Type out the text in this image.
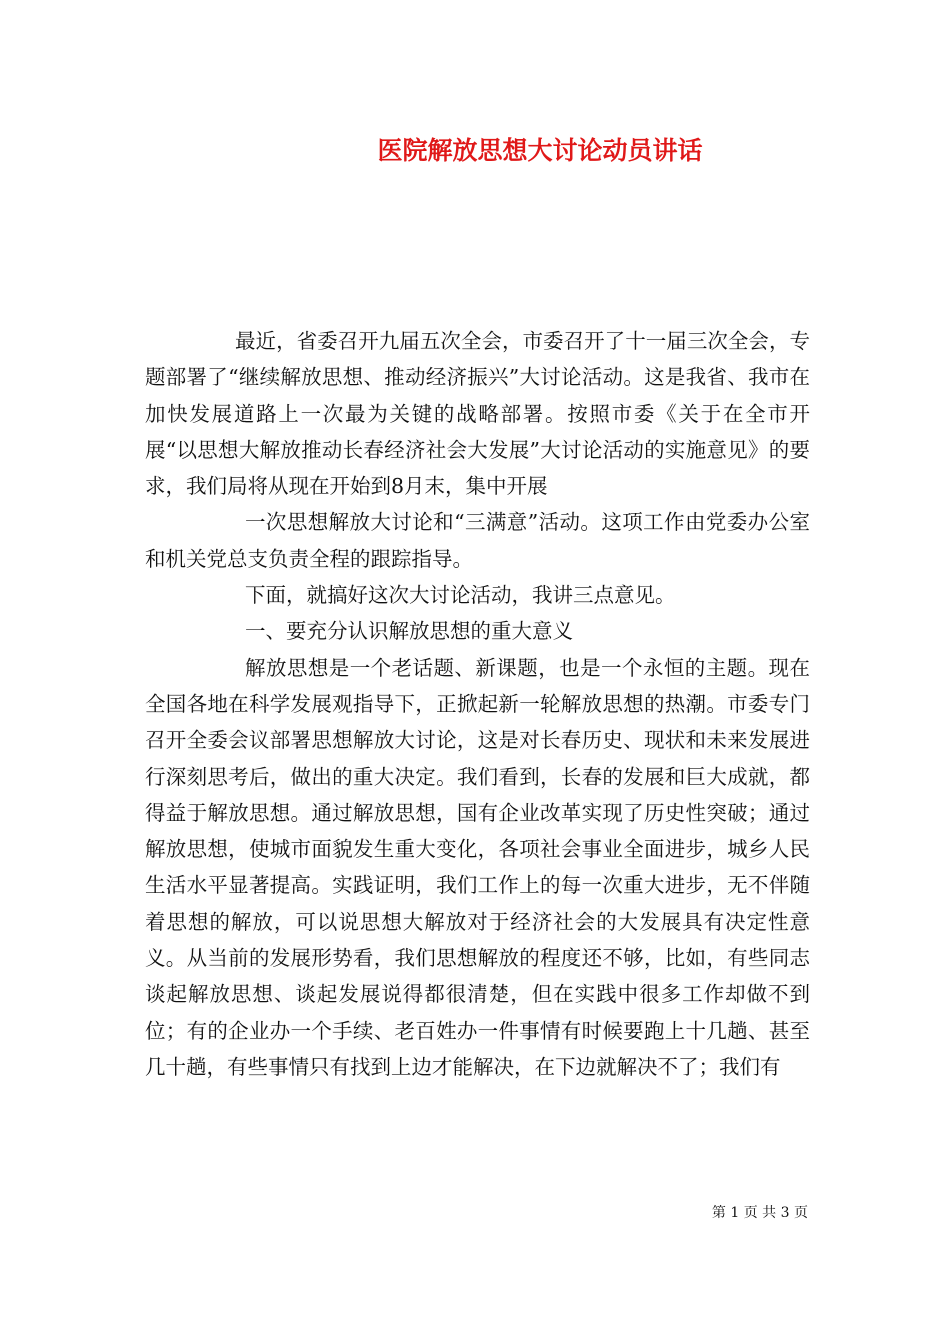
医院解放思想大讨论动员讲话

最近，省委召开九届五次全会，市委召开了十一届三次全会，专题部署了“继续解放思想、推动经济振兴”大讨论活动。这是我省、我市在加快发展道路上一次最为关键的战略部署。按照市委《关于在全市开展“以思想大解放推动长春经济社会大发展”大讨论活动的实施意见》的要求，我们局将从现在开始到8月末，集中开展

一次思想解放大讨论和“三满意”活动。这项工作由党委办公室和机关党总支负责全程的跟踪指导。

下面，就搞好这次大讨论活动，我讲三点意见。

一、要充分认识解放思想的重大意义

解放思想是一个老话题、新课题，也是一个永恒的主题。现在全国各地在科学发展观指导下，正掀起新一轮解放思想的热潮。市委专门召开全委会议部署思想解放大讨论，这是对长春历史、现状和未来发展进行深刻思考后，做出的重大决定。我们看到，长春的发展和巨大成就，都得益于解放思想。通过解放思想，国有企业改革实现了历史性突破；通过解放思想，使城市面貌发生重大变化，各项社会事业全面进步，城乡人民生活水平显著提高。实践证明，我们工作上的每一次重大进步，无不伴随着思想的解放，可以说思想大解放对于经济社会的大发展具有决定性意义。从当前的发展形势看，我们思想解放的程度还不够，比如，有些同志谈起解放思想、谈起发展说得都很清楚，但在实践中很多工作却做不到位；有的企业办一个手续、老百姓办一件事情有时候要跑上十几趟、甚至几十趟，有些事情只有找到上边才能解决，在下边就解决不了；我们有

第 1 页 共 3 页
